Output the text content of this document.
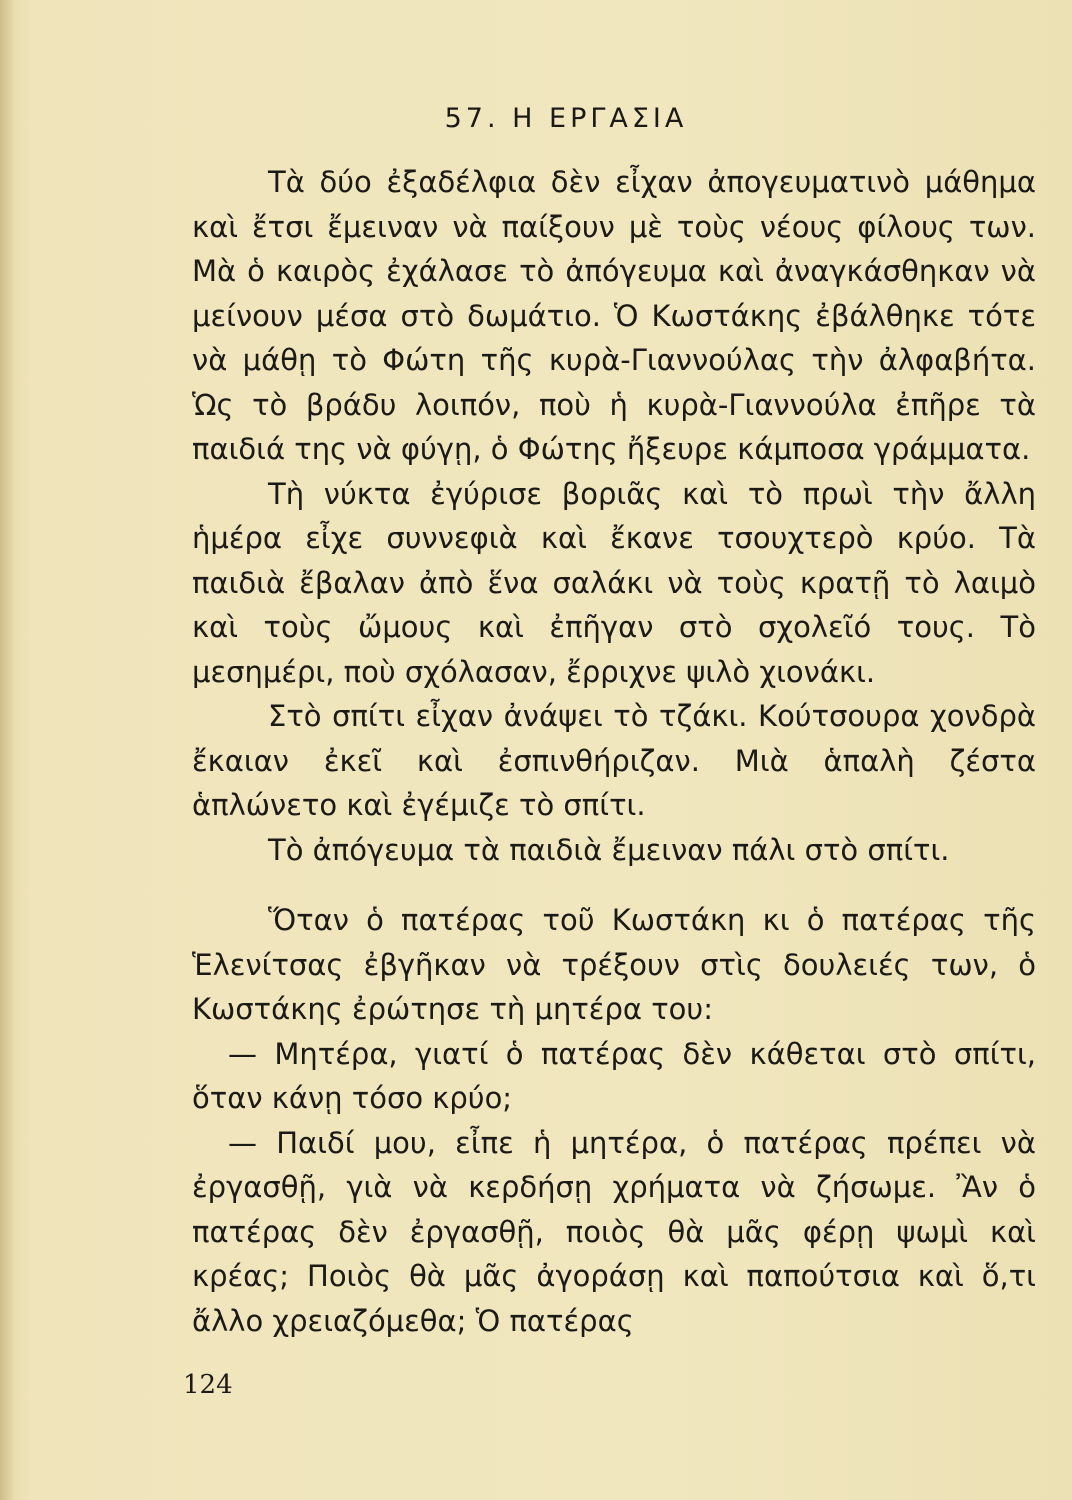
57. Η ΕΡΓΑΣΙΑ

Τὰ δύο ἐξαδέλφια δὲν εἶχαν ἀπογευματινὸ μάθημα καὶ ἔτσι ἔμειναν νὰ παίξουν μὲ τοὺς νέους φίλους των. Μὰ ὁ καιρὸς ἐχάλασε τὸ ἀπόγευμα καὶ ἀναγκάσθηκαν νὰ μείνουν μέσα στὸ δωμάτιο. Ὁ Κωστάκης ἐβάλθηκε τότε νὰ μάθῃ τὸ Φώτη τῆς κυρὰ-Γιαννούλας τὴν ἀλφαβήτα. Ὡς τὸ βράδυ λοιπόν, ποὺ ἡ κυρὰ-Γιαννούλα ἐπῆρε τὰ παιδιά της νὰ φύγῃ, ὁ Φώτης ἤξευρε κάμποσα γράμματα.

Τὴ νύκτα ἐγύρισε βοριᾶς καὶ τὸ πρωὶ τὴν ἄλλη ἡμέρα εἶχε συννεφιὰ καὶ ἔκανε τσουχτερὸ κρύο. Τὰ παιδιὰ ἔβαλαν ἀπὸ ἕνα σαλάκι νὰ τοὺς κρατῇ τὸ λαιμὸ καὶ τοὺς ὤμους καὶ ἐπῆγαν στὸ σχολεῖό τους. Τὸ μεσημέρι, ποὺ σχόλασαν, ἔρριχνε ψιλὸ χιονάκι.

Στὸ σπίτι εἶχαν ἀνάψει τὸ τζάκι. Κούτσουρα χονδρὰ ἔκαιαν ἐκεῖ καὶ ἐσπινθήριζαν. Μιὰ ἁπαλὴ ζέστα ἁπλώνετο καὶ ἐγέμιζε τὸ σπίτι.

Τὸ ἀπόγευμα τὰ παιδιὰ ἔμειναν πάλι στὸ σπίτι.

Ὅταν ὁ πατέρας τοῦ Κωστάκη κι ὁ πατέρας τῆς Ἑλενίτσας ἐβγῆκαν νὰ τρέξουν στὶς δουλειές των, ὁ Κωστάκης ἐρώτησε τὴ μητέρα του:

— Μητέρα, γιατί ὁ πατέρας δὲν κάθεται στὸ σπίτι, ὅταν κάνῃ τόσο κρύο;

— Παιδί μου, εἶπε ἡ μητέρα, ὁ πατέρας πρέπει νὰ ἐργασθῇ, γιὰ νὰ κερδήσῃ χρήματα νὰ ζήσωμε. Ἂν ὁ πατέρας δὲν ἐργασθῇ, ποιὸς θὰ μᾶς φέρῃ ψωμὶ καὶ κρέας; Ποιὸς θὰ μᾶς ἀγοράσῃ καὶ παπούτσια καὶ ὅ,τι ἄλλο χρειαζόμεθα; Ὁ πατέρας

124
